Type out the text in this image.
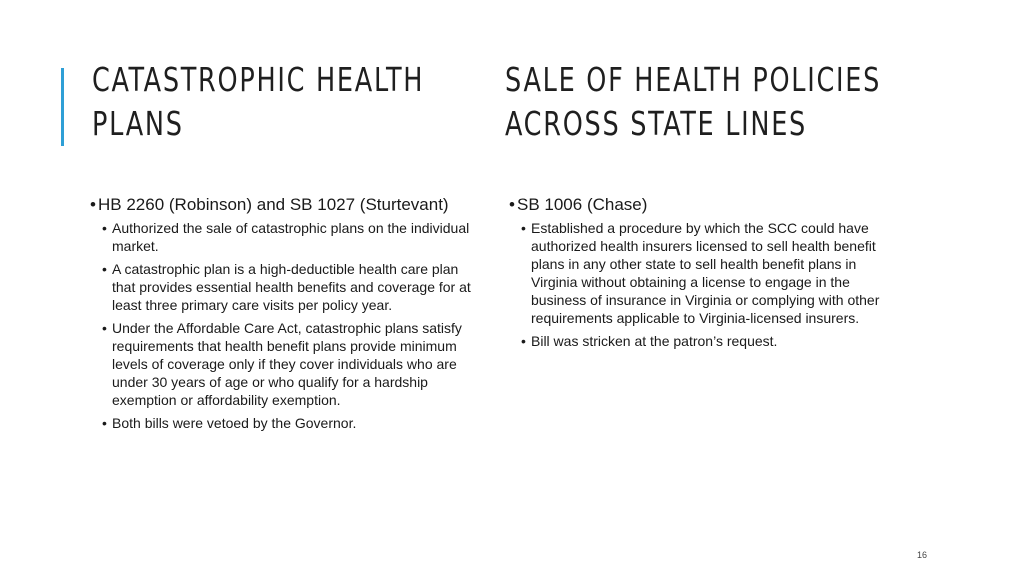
CATASTROPHIC HEALTH
PLANS
SALE OF HEALTH POLICIES
ACROSS STATE LINES

• HB 2260 (Robinson) and SB 1027 (Sturtevant)

• Authorized the sale of catastrophic plans on the individual market.
• A catastrophic plan is a high-deductible health care plan that provides essential health benefits and coverage for at least three primary care visits per policy year.
• Under the Affordable Care Act, catastrophic plans satisfy requirements that health benefit plans provide minimum levels of coverage only if they cover individuals who are under 30 years of age or who qualify for a hardship exemption or affordability exemption.
• Both bills were vetoed by the Governor.

• SB 1006 (Chase)

• Established a procedure by which the SCC could have authorized health insurers licensed to sell health benefit plans in any other state to sell health benefit plans in Virginia without obtaining a license to engage in the business of insurance in Virginia or complying with other requirements applicable to Virginia-licensed insurers.
• Bill was stricken at the patron’s request.
16
